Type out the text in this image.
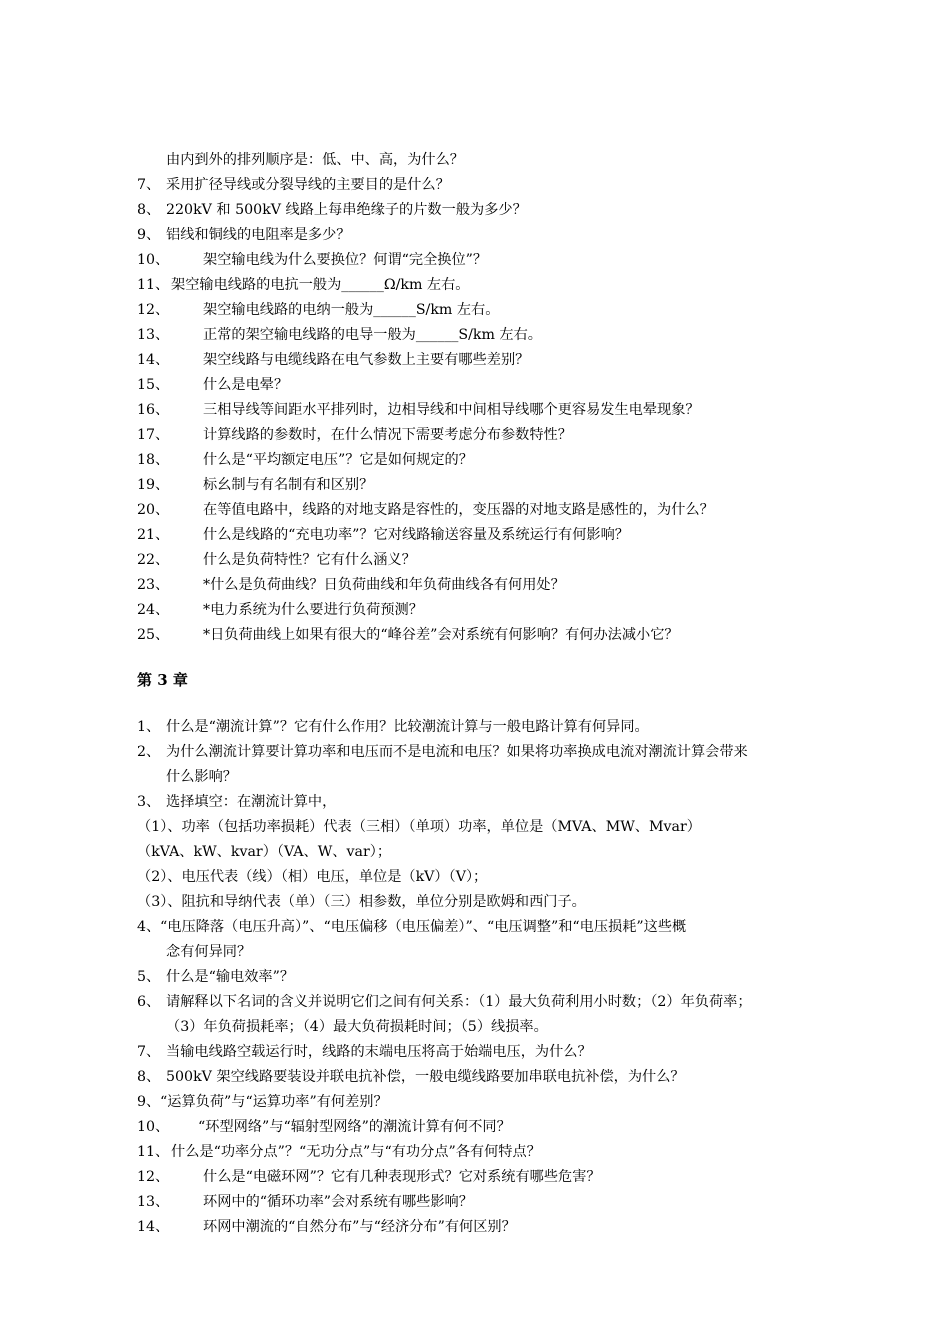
由内到外的排列顺序是：低、中、高，为什么？
7、 采用扩径导线或分裂导线的主要目的是什么？
8、 220kV 和 500kV 线路上每串绝缘子的片数一般为多少？
9、 铝线和铜线的电阻率是多少？
10、 架空输电线为什么要换位？何谓“完全换位”？
11、 架空输电线路的电抗一般为______Ω/km 左右。
12、 架空输电线路的电纳一般为______S/km 左右。
13、 正常的架空输电线路的电导一般为______S/km 左右。
14、 架空线路与电缆线路在电气参数上主要有哪些差别？
15、 什么是电晕？
16、 三相导线等间距水平排列时，边相导线和中间相导线哪个更容易发生电晕现象？
17、 计算线路的参数时，在什么情况下需要考虑分布参数特性？
18、 什么是“平均额定电压”？它是如何规定的？
19、 标幺制与有名制有和区别？
20、 在等值电路中，线路的对地支路是容性的，变压器的对地支路是感性的，为什么？
21、 什么是线路的“充电功率”？它对线路输送容量及系统运行有何影响？
22、 什么是负荷特性？它有什么涵义？
23、 *什么是负荷曲线？日负荷曲线和年负荷曲线各有何用处？
24、 *电力系统为什么要进行负荷预测？
25、 *日负荷曲线上如果有很大的“峰谷差”会对系统有何影响？有何办法减小它？
第 3 章
1、 什么是“潮流计算”？它有什么作用？比较潮流计算与一般电路计算有何异同。
2、 为什么潮流计算要计算功率和电压而不是电流和电压？如果将功率换成电流对潮流计算会带来
什么影响？
3、 选择填空：在潮流计算中，
（1）、功率（包括功率损耗）代表（三相）（单项）功率，单位是（MVA、MW、Mvar）
（kVA、kW、kvar）（VA、W、var）；
（2）、电压代表（线）（相）电压，单位是（kV）（V）；
（3）、阻抗和导纳代表（单）（三）相参数，单位分别是欧姆和西门子。
4、 “电压降落（电压升高）”、“电压偏移（电压偏差）”、“电压调整”和“电压损耗”这些概
念有何异同？
5、 什么是“输电效率”？
6、 请解释以下名词的含义并说明它们之间有何关系：（1）最大负荷利用小时数；（2）年负荷率；
（3）年负荷损耗率；（4）最大负荷损耗时间；（5）线损率。
7、 当输电线路空载运行时，线路的末端电压将高于始端电压，为什么？
8、 500kV 架空线路要装设并联电抗补偿，一般电缆线路要加串联电抗补偿，为什么？
9、 “运算负荷”与“运算功率”有何差别？
10、 “环型网络”与“辐射型网络”的潮流计算有何不同？
11、 什么是“功率分点”？“无功分点”与“有功分点”各有何特点？
12、 什么是“电磁环网”？它有几种表现形式？它对系统有哪些危害？
13、 环网中的“循环功率”会对系统有哪些影响？
14、 环网中潮流的“自然分布”与“经济分布”有何区别？
